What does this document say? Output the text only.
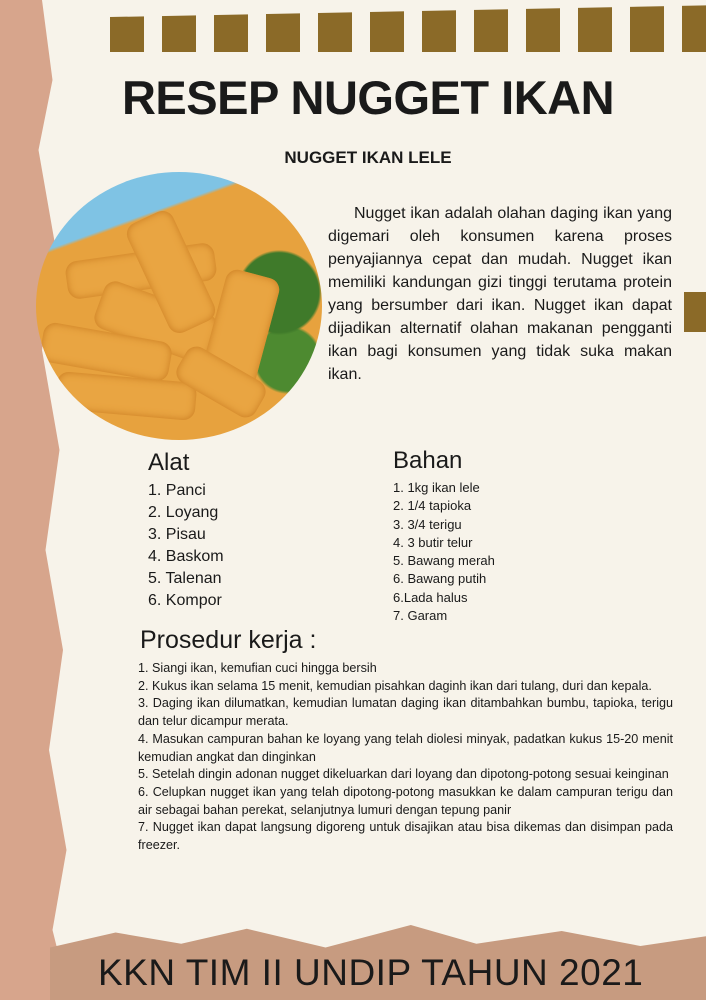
RESEP NUGGET IKAN
NUGGET IKAN LELE
Nugget ikan adalah olahan daging ikan yang digemari oleh konsumen karena proses penyajiannya cepat dan mudah. Nugget ikan memiliki kandungan gizi tinggi terutama protein yang bersumber dari ikan. Nugget ikan dapat dijadikan alternatif olahan makanan pengganti ikan bagi konsumen yang tidak suka makan ikan.
Alat
1. Panci
2. Loyang
3. Pisau
4. Baskom
5. Talenan
6. Kompor
Bahan
1. 1kg ikan lele
2. 1/4 tapioka
3. 3/4 terigu
4. 3 butir telur
5. Bawang merah
6. Bawang putih
6.Lada halus
7. Garam
Prosedur kerja :
1. Siangi ikan, kemufian cuci hingga bersih
2. Kukus ikan selama 15 menit, kemudian pisahkan daginh ikan dari tulang, duri dan kepala.
3. Daging ikan dilumatkan, kemudian lumatan daging ikan ditambahkan bumbu, tapioka, terigu dan telur dicampur merata.
4. Masukan campuran bahan ke loyang yang telah diolesi minyak, padatkan kukus 15-20 menit kemudian angkat dan dinginkan
5. Setelah dingin adonan nugget dikeluarkan dari loyang dan dipotong-potong sesuai keinginan
6. Celupkan nugget ikan yang telah dipotong-potong masukkan ke dalam campuran terigu dan air sebagai bahan perekat, selanjutnya lumuri dengan tepung panir
7. Nugget ikan dapat langsung digoreng untuk disajikan atau bisa dikemas dan disimpan pada freezer.
KKN TIM II UNDIP TAHUN 2021
